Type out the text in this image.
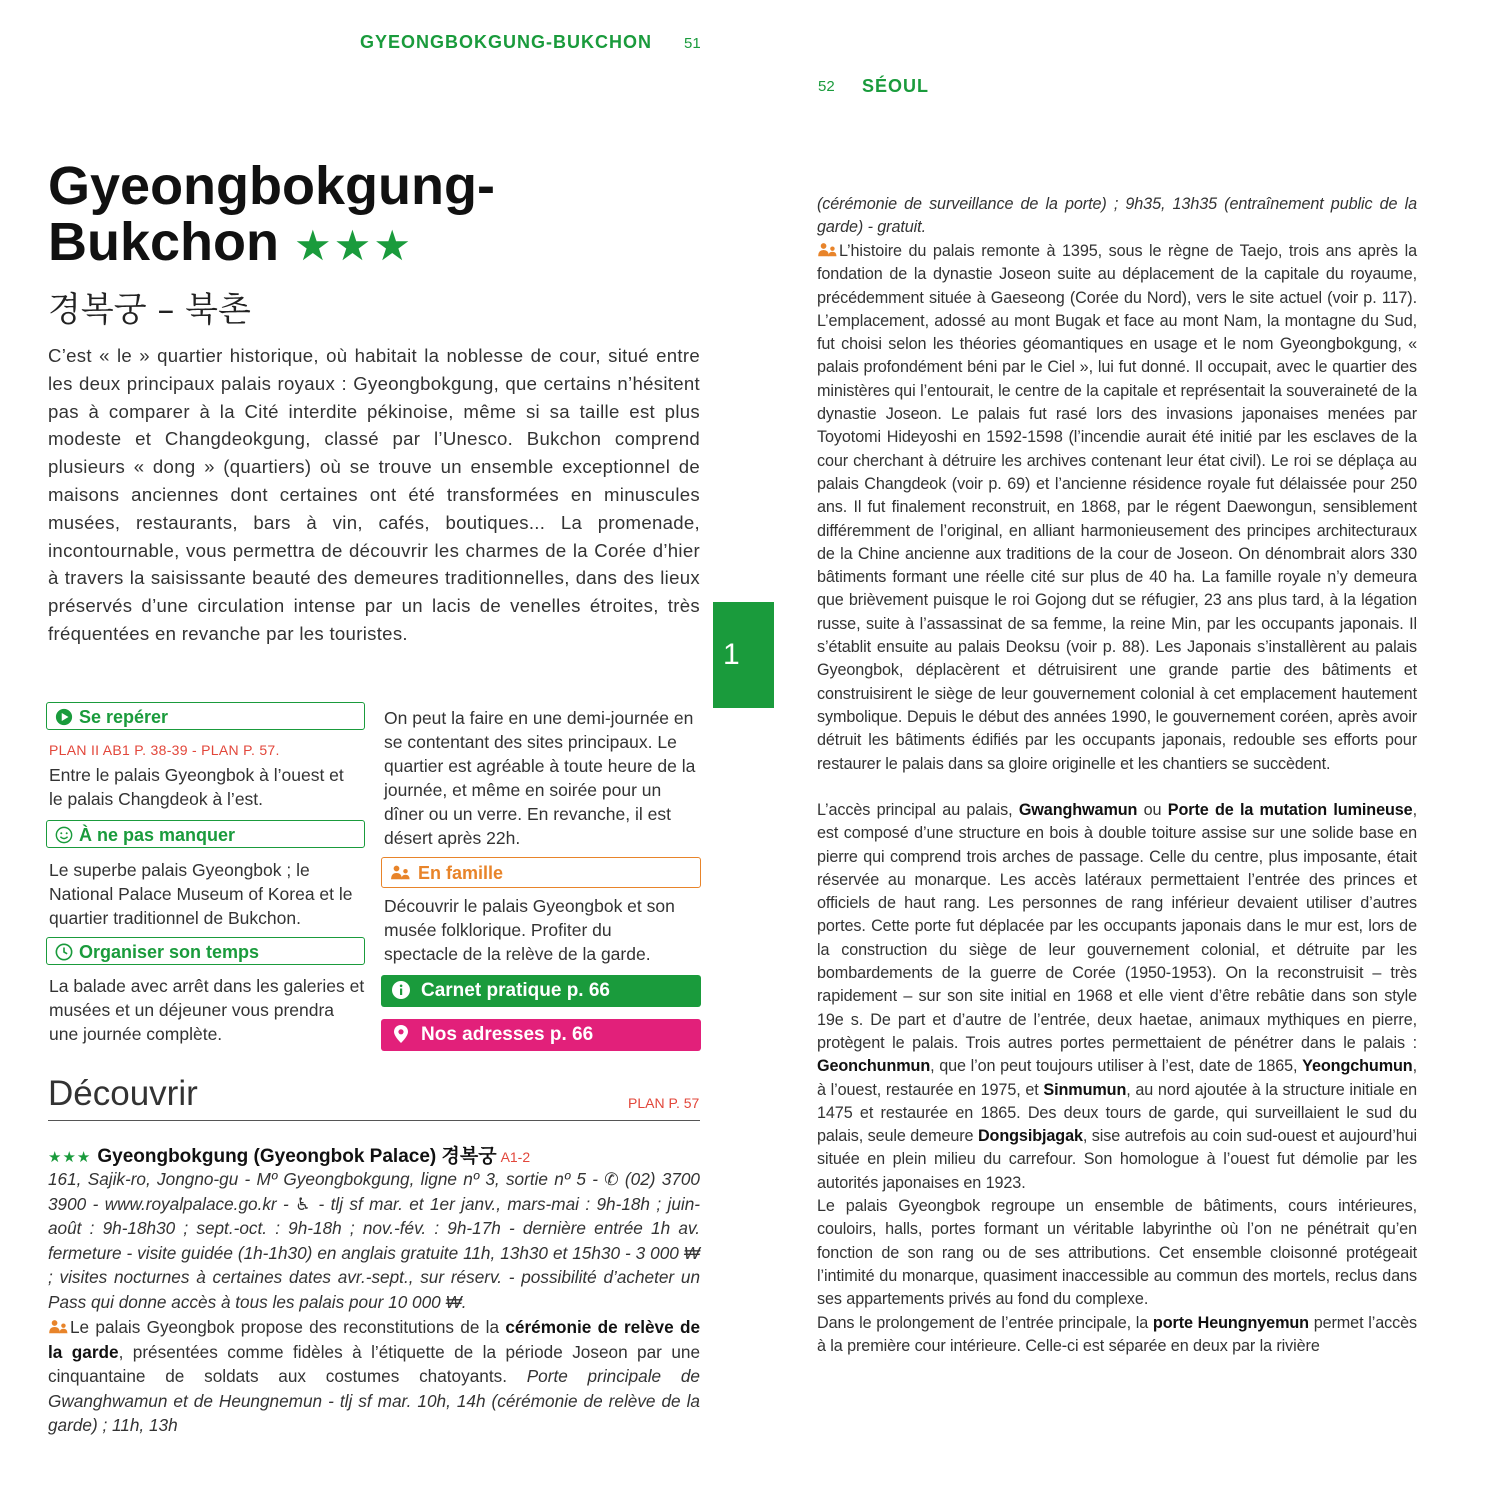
GYEONGBOKGUNG-BUKCHON 51
52 SÉOUL
Gyeongbokgung-
Bukchon ★★★
경복궁 – 북촌
C’est « le » quartier historique, où habitait la noblesse de cour, situé entre les deux principaux palais royaux : Gyeongbokgung, que certains n’hésitent pas à comparer à la Cité interdite pékinoise, même si sa taille est plus modeste et Changdeokgung, classé par l’Unesco. Bukchon comprend plusieurs « dong » (quartiers) où se trouve un ensemble exceptionnel de maisons anciennes dont certaines ont été transformées en minuscules musées, restaurants, bars à vin, cafés, boutiques... La promenade, incontournable, vous permettra de découvrir les charmes de la Corée d’hier à travers la saisissante beauté des demeures traditionnelles, dans des lieux préservés d’une circulation intense par un lacis de venelles étroites, très fréquentées en revanche par les touristes.
Se repérer
PLAN II AB1 P. 38-39 - PLAN P. 57.
Entre le palais Gyeongbok à l’ouest et le palais Changdeok à l’est.
À ne pas manquer
Le superbe palais Gyeongbok ; le National Palace Museum of Korea et le quartier traditionnel de Bukchon.
Organiser son temps
La balade avec arrêt dans les galeries et musées et un déjeuner vous prendra une journée complète.
On peut la faire en une demi-journée en se contentant des sites principaux. Le quartier est agréable à toute heure de la journée, et même en soirée pour un dîner ou un verre. En revanche, il est désert après 22h.
En famille
Découvrir le palais Gyeongbok et son musée folklorique. Profiter du spectacle de la relève de la garde.
Carnet pratique p. 66
Nos adresses p. 66
1
Découvrir	PLAN P. 57
★★★ Gyeongbokgung (Gyeongbok Palace) 경복궁 A1-2
161, Sajik-ro, Jongno-gu - Mº Gyeongbokgung, ligne nº 3, sortie nº 5 - ✆ (02) 3700 3900 - www.royalpalace.go.kr - ♿ - tlj sf mar. et 1er janv., mars-mai : 9h-18h ; juin-août : 9h-18h30 ; sept.-oct. : 9h-18h ; nov.-fév. : 9h-17h - dernière entrée 1h av. fermeture - visite guidée (1h-1h30) en anglais gratuite 11h, 13h30 et 15h30 - 3 000 ₩ ; visites nocturnes à certaines dates avr.-sept., sur réserv. - possibilité d’acheter un Pass qui donne accès à tous les palais pour 10 000 ₩.
Le palais Gyeongbok propose des reconstitutions de la cérémonie de relève de la garde, présentées comme fidèles à l’étiquette de la période Joseon par une cinquantaine de soldats aux costumes chatoyants. Porte principale de Gwanghwamun et de Heungnemun - tlj sf mar. 10h, 14h (cérémonie de relève de la garde) ; 11h, 13h
(cérémonie de surveillance de la porte) ; 9h35, 13h35 (entraînement public de la garde) - gratuit.
L’histoire du palais remonte à 1395, sous le règne de Taejo, trois ans après la fondation de la dynastie Joseon suite au déplacement de la capitale du royaume, précédemment située à Gaeseong (Corée du Nord), vers le site actuel (voir p. 117). L’emplacement, adossé au mont Bugak et face au mont Nam, la montagne du Sud, fut choisi selon les théories géomantiques en usage et le nom Gyeongbokgung, « palais profondément béni par le Ciel », lui fut donné. Il occupait, avec le quartier des ministères qui l’entourait, le centre de la capitale et représentait la souveraineté de la dynastie Joseon. Le palais fut rasé lors des invasions japonaises menées par Toyotomi Hideyoshi en 1592-1598 (l’incendie aurait été initié par les esclaves de la cour cherchant à détruire les archives contenant leur état civil). Le roi se déplaça au palais Changdeok (voir p. 69) et l’ancienne résidence royale fut délaissée pour 250 ans. Il fut finalement reconstruit, en 1868, par le régent Daewongun, sensiblement différemment de l’original, en alliant harmonieusement des principes architecturaux de la Chine ancienne aux traditions de la cour de Joseon. On dénombrait alors 330 bâtiments formant une réelle cité sur plus de 40 ha. La famille royale n’y demeura que brièvement puisque le roi Gojong dut se réfugier, 23 ans plus tard, à la légation russe, suite à l’assassinat de sa femme, la reine Min, par les occupants japonais. Il s’établit ensuite au palais Deoksu (voir p. 88). Les Japonais s’installèrent au palais Gyeongbok, déplacèrent et détruisirent une grande partie des bâtiments et construisirent le siège de leur gouvernement colonial à cet emplacement hautement symbolique. Depuis le début des années 1990, le gouvernement coréen, après avoir détruit les bâtiments édifiés par les occupants japonais, redouble ses efforts pour restaurer le palais dans sa gloire originelle et les chantiers se succèdent.
L’accès principal au palais, Gwanghwamun ou Porte de la mutation lumineuse, est composé d’une structure en bois à double toiture assise sur une solide base en pierre qui comprend trois arches de passage. Celle du centre, plus imposante, était réservée au monarque. Les accès latéraux permettaient l’entrée des princes et officiels de haut rang. Les personnes de rang inférieur devaient utiliser d’autres portes. Cette porte fut déplacée par les occupants japonais dans le mur est, lors de la construction du siège de leur gouvernement colonial, et détruite par les bombardements de la guerre de Corée (1950-1953). On la reconstruisit – très rapidement – sur son site initial en 1968 et elle vient d’être rebâtie dans son style 19e s. De part et d’autre de l’entrée, deux haetae, animaux mythiques en pierre, protègent le palais. Trois autres portes permettaient de pénétrer dans le palais : Geonchunmun, que l’on peut toujours utiliser à l’est, date de 1865, Yeongchumun, à l’ouest, restaurée en 1975, et Sinmumun, au nord ajoutée à la structure initiale en 1475 et restaurée en 1865. Des deux tours de garde, qui surveillaient le sud du palais, seule demeure Dongsibjagak, sise autrefois au coin sud-ouest et aujourd’hui située en plein milieu du carrefour. Son homologue à l’ouest fut démolie par les autorités japonaises en 1923.
Le palais Gyeongbok regroupe un ensemble de bâtiments, cours intérieures, couloirs, halls, portes formant un véritable labyrinthe où l’on ne pénétrait qu’en fonction de son rang ou de ses attributions. Cet ensemble cloisonné protégeait l’intimité du monarque, quasiment inaccessible au commun des mortels, reclus dans ses appartements privés au fond du complexe.
Dans le prolongement de l’entrée principale, la porte Heungnyemun permet l’accès à la première cour intérieure. Celle-ci est séparée en deux par la rivière
